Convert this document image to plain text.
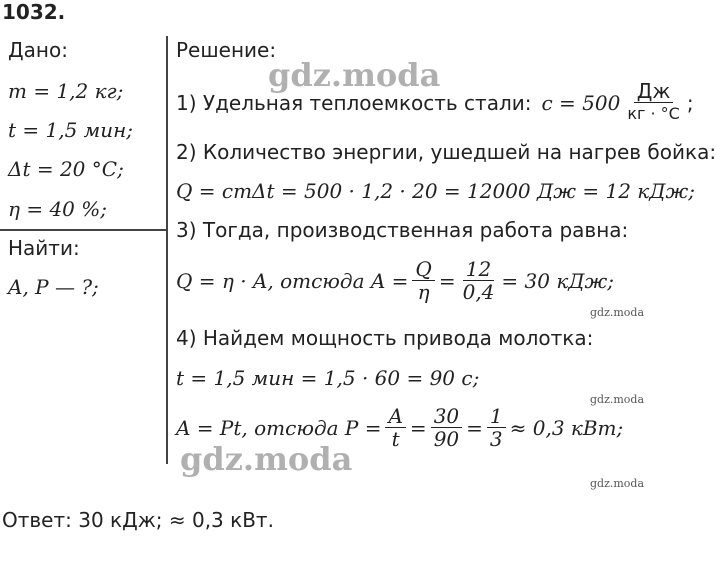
1032.
Дано:
m = 1,2 кг;
t = 1,5 мин;
Δt = 20 °C;
η = 40 %;
Найти:
A, P — ?;
Решение:
1) Удельная теплоемкость стали: $c = 500 \frac{Дж}{кг \cdot ^\circ C}$ ;
2) Количество энергии, ушедшей на нагрев бойка:
Q = cmΔt = 500 · 1,2 · 20 = 12000 Дж = 12 кДж;
3) Тогда, производственная работа равна:
Q = η · A, отсюда $A = \frac{Q}{\eta} = \frac{12}{0,4} = 30$ кДж;
4) Найдем мощность привода молотка:
t = 1,5 мин = 1,5 · 60 = 90 с;
A = Pt, отсюда $P = \frac{A}{t} = \frac{30}{90} = \frac{1}{3} \approx 0,3$ кВт;
Ответ: 30 кДж; ≈ 0,3 кВт.
gdz.moda
gdz.moda
gdz.moda
gdz.moda
gdz.moda
